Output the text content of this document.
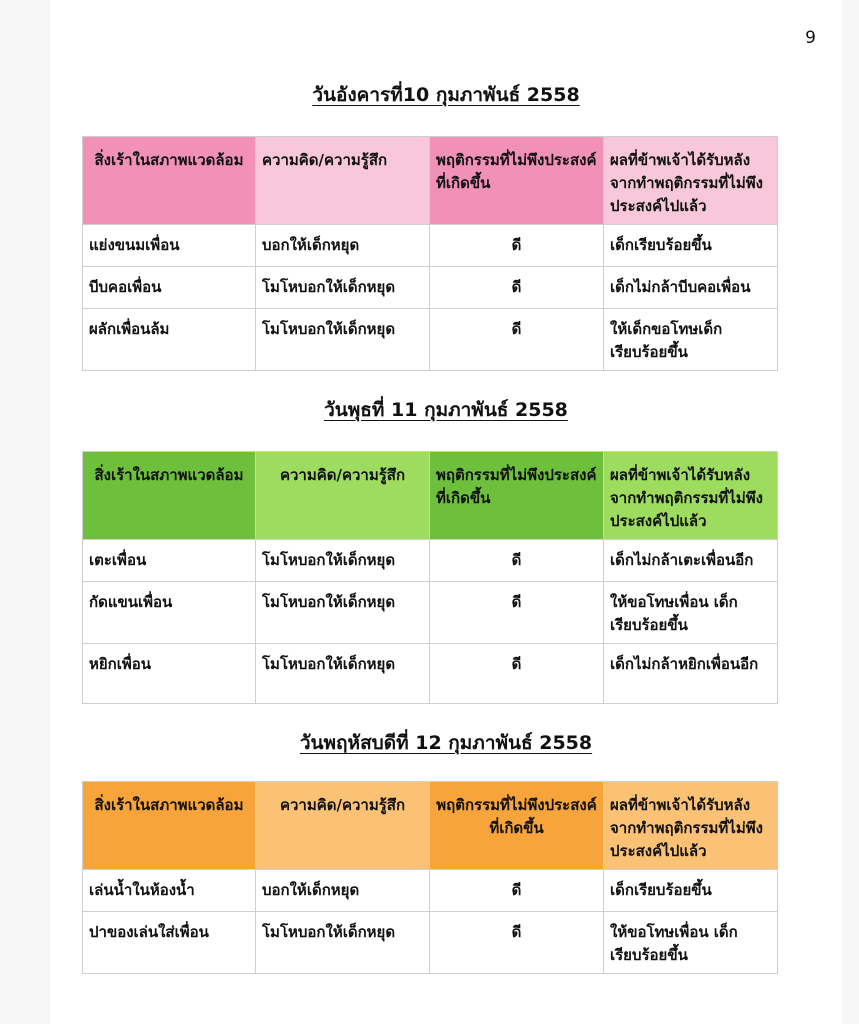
9
วันอังคารที่10 กุมภาพันธ์ 2558
สิ่งเร้าในสภาพแวดล้อม	ความคิด/ความรู้สึก	พฤติกรรมที่ไม่พึงประสงค์ที่เกิดขึ้น	ผลที่ข้าพเจ้าได้รับหลังจากทำพฤติกรรมที่ไม่พึงประสงค์ไปแล้ว
แย่งขนมเพื่อน	บอกให้เด็กหยุด	ดี	เด็กเรียบร้อยขึ้น
บีบคอเพื่อน	โมโหบอกให้เด็กหยุด	ดี	เด็กไม่กล้าบีบคอเพื่อน
ผลักเพื่อนล้ม	โมโหบอกให้เด็กหยุด	ดี	ให้เด็กขอโทษเด็กเรียบร้อยขึ้น
วันพุธที่ 11 กุมภาพันธ์ 2558
สิ่งเร้าในสภาพแวดล้อม	ความคิด/ความรู้สึก	พฤติกรรมที่ไม่พึงประสงค์ที่เกิดขึ้น	ผลที่ข้าพเจ้าได้รับหลังจากทำพฤติกรรมที่ไม่พึงประสงค์ไปแล้ว
เตะเพื่อน	โมโหบอกให้เด็กหยุด	ดี	เด็กไม่กล้าเตะเพื่อนอีก
กัดแขนเพื่อน	โมโหบอกให้เด็กหยุด	ดี	ให้ขอโทษเพื่อน เด็กเรียบร้อยขึ้น
หยิกเพื่อน	โมโหบอกให้เด็กหยุด	ดี	เด็กไม่กล้าหยิกเพื่อนอีก
วันพฤหัสบดีที่ 12 กุมภาพันธ์ 2558
สิ่งเร้าในสภาพแวดล้อม	ความคิด/ความรู้สึก	พฤติกรรมที่ไม่พึงประสงค์ที่เกิดขึ้น	ผลที่ข้าพเจ้าได้รับหลังจากทำพฤติกรรมที่ไม่พึงประสงค์ไปแล้ว
เล่นน้ำในห้องน้ำ	บอกให้เด็กหยุด	ดี	เด็กเรียบร้อยขึ้น
ปาของเล่นใส่เพื่อน	โมโหบอกให้เด็กหยุด	ดี	ให้ขอโทษเพื่อน เด็กเรียบร้อยขึ้น
